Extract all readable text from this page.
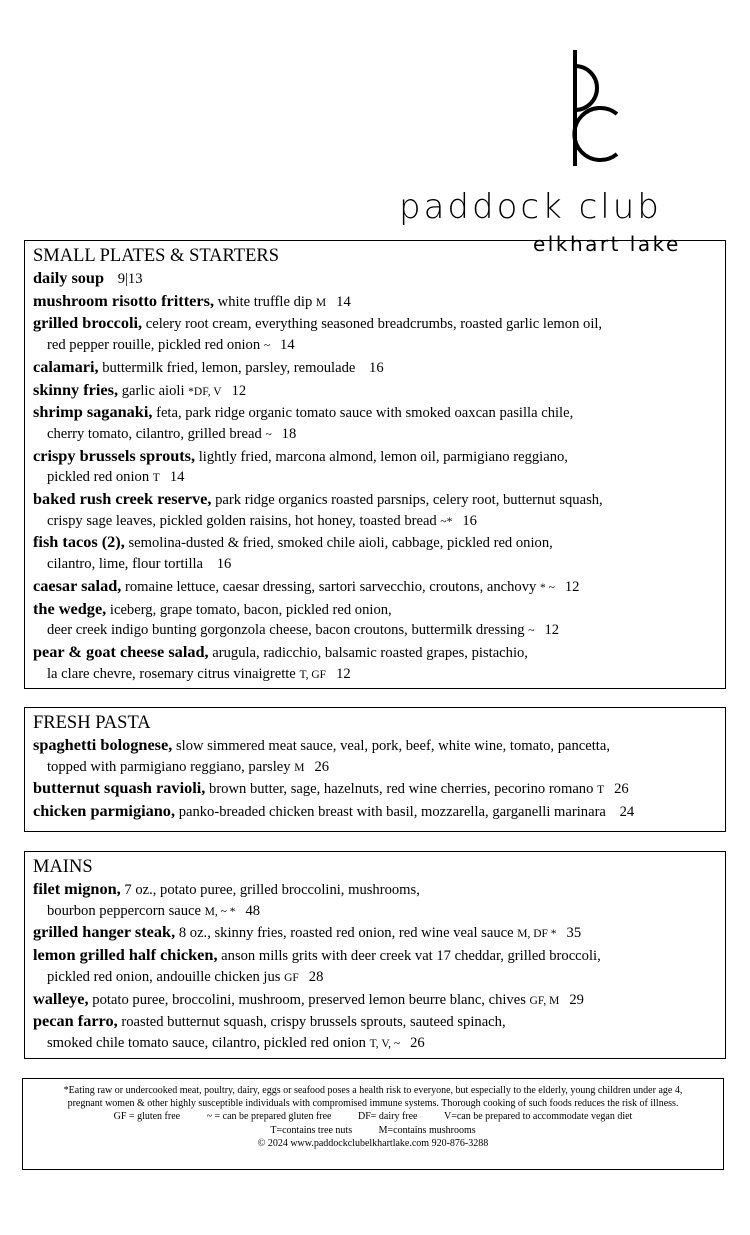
paddock club
elkhart lake
SMALL PLATES & STARTERS
daily soup 9|13
mushroom risotto fritters, white truffle dip M 14
grilled broccoli, celery root cream, everything seasoned breadcrumbs, roasted garlic lemon oil,
red pepper rouille, pickled red onion ~ 14
calamari, buttermilk fried, lemon, parsley, remoulade 16
skinny fries, garlic aioli *DF, V 12
shrimp saganaki, feta, park ridge organic tomato sauce with smoked oaxcan pasilla chile,
cherry tomato, cilantro, grilled bread ~ 18
crispy brussels sprouts, lightly fried, marcona almond, lemon oil, parmigiano reggiano,
pickled red onion T 14
baked rush creek reserve, park ridge organics roasted parsnips, celery root, butternut squash,
crispy sage leaves, pickled golden raisins, hot honey, toasted bread ~* 16
fish tacos (2), semolina-dusted & fried, smoked chile aioli, cabbage, pickled red onion,
cilantro, lime, flour tortilla 16
caesar salad, romaine lettuce, caesar dressing, sartori sarvecchio, croutons, anchovy * ~ 12
the wedge, iceberg, grape tomato, bacon, pickled red onion,
deer creek indigo bunting gorgonzola cheese, bacon croutons, buttermilk dressing ~ 12
pear & goat cheese salad, arugula, radicchio, balsamic roasted grapes, pistachio,
la clare chevre, rosemary citrus vinaigrette T, GF 12
FRESH PASTA
spaghetti bolognese, slow simmered meat sauce, veal, pork, beef, white wine, tomato, pancetta,
topped with parmigiano reggiano, parsley M 26
butternut squash ravioli, brown butter, sage, hazelnuts, red wine cherries, pecorino romano T 26
chicken parmigiano, panko-breaded chicken breast with basil, mozzarella, garganelli marinara 24
MAINS
filet mignon, 7 oz., potato puree, grilled broccolini, mushrooms,
bourbon peppercorn sauce M, ~ * 48
grilled hanger steak, 8 oz., skinny fries, roasted red onion, red wine veal sauce M, DF * 35
lemon grilled half chicken, anson mills grits with deer creek vat 17 cheddar, grilled broccoli,
pickled red onion, andouille chicken jus GF 28
walleye, potato puree, broccolini, mushroom, preserved lemon beurre blanc, chives GF, M 29
pecan farro, roasted butternut squash, crispy brussels sprouts, sauteed spinach,
smoked chile tomato sauce, cilantro, pickled red onion T, V, ~ 26
*Eating raw or undercooked meat, poultry, dairy, eggs or seafood poses a health risk to everyone, but especially to the elderly, young children under age 4,
pregnant women & other highly susceptible individuals with compromised immune systems. Thorough cooking of such foods reduces the risk of illness.
GF = gluten free	~ = can be prepared gluten free	DF= dairy free	V=can be prepared to accommodate vegan diet
T=contains tree nuts	M=contains mushrooms
© 2024 www.paddockclubelkhartlake.com 920-876-3288
